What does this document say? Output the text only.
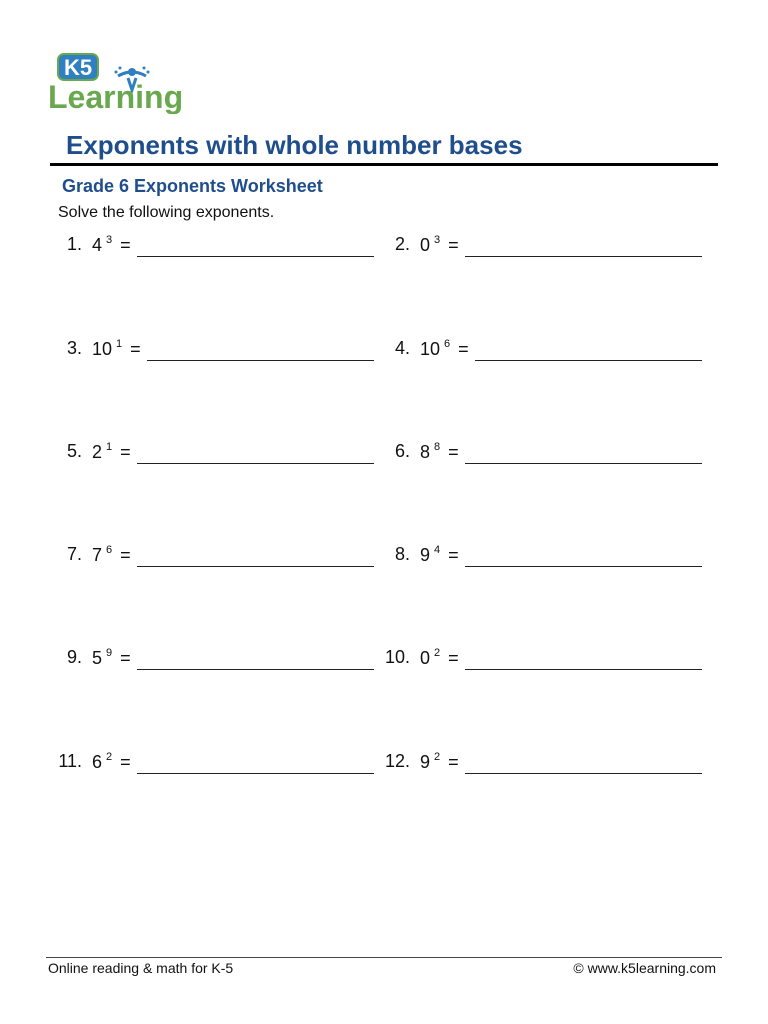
K5
Learning
Exponents with whole number bases
Grade 6 Exponents Worksheet

Solve the following exponents.

1. 4 $^3$ =	2. 0 $^3$ =
3. 10 $^1$ =	4. 10 $^6$ =
5. 2 $^1$ =	6. 8 $^8$ =
7. 7 $^6$ =	8. 9 $^4$ =
9. 5 $^9$ =	10. 0 $^2$ =
11. 6 $^2$ =	12. 9 $^2$ =

Online reading & math for K-5	© www.k5learning.com
